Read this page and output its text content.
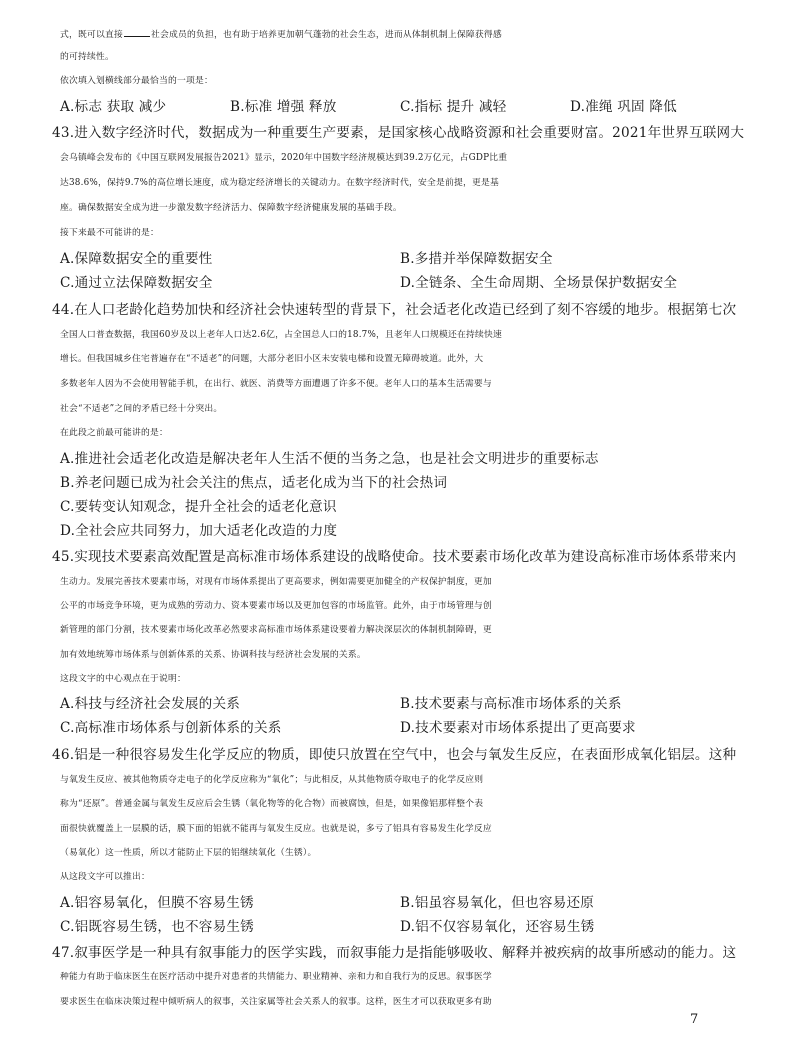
式，既可以直接	社会成员的负担，也有助于培养更加朝气蓬勃的社会生态，进而从体制机制上保障获得感
的可持续性。
依次填入划横线部分最恰当的一项是：
A.标志 获取 减少	B.标准 增强 释放	C.指标 提升 减轻	D.准绳 巩固 降低
43.进入数字经济时代，数据成为一种重要生产要素，是国家核心战略资源和社会重要财富。2021年世界互联网大
会乌镇峰会发布的《中国互联网发展报告2021》显示，2020年中国数字经济规模达到39.2万亿元，占GDP比重
达38.6%，保持9.7%的高位增长速度，成为稳定经济增长的关键动力。在数字经济时代，安全是前提，更是基
座。确保数据安全成为进一步激发数字经济活力、保障数字经济健康发展的基础手段。
接下来最不可能讲的是：
A.保障数据安全的重要性	B.多措并举保障数据安全
C.通过立法保障数据安全	D.全链条、全生命周期、全场景保护数据安全
44.在人口老龄化趋势加快和经济社会快速转型的背景下，社会适老化改造已经到了刻不容缓的地步。根据第七次
全国人口普查数据，我国60岁及以上老年人口达2.6亿，占全国总人口的18.7%，且老年人口规模还在持续快速
增长。但我国城乡住宅普遍存在“不适老”的问题，大部分老旧小区未安装电梯和设置无障碍坡道。此外，大
多数老年人因为不会使用智能手机，在出行、就医、消费等方面遭遇了许多不便。老年人口的基本生活需要与
社会“不适老”之间的矛盾已经十分突出。
在此段之前最可能讲的是：
A.推进社会适老化改造是解决老年人生活不便的当务之急，也是社会文明进步的重要标志
B.养老问题已成为社会关注的焦点，适老化成为当下的社会热词
C.要转变认知观念，提升全社会的适老化意识
D.全社会应共同努力，加大适老化改造的力度
45.实现技术要素高效配置是高标准市场体系建设的战略使命。技术要素市场化改革为建设高标准市场体系带来内
生动力。发展完善技术要素市场，对现有市场体系提出了更高要求，例如需要更加健全的产权保护制度，更加
公平的市场竞争环境，更为成熟的劳动力、资本要素市场以及更加包容的市场监管。此外，由于市场管理与创
新管理的部门分割，技术要素市场化改革必然要求高标准市场体系建设要着力解决深层次的体制机制障碍，更
加有效地统筹市场体系与创新体系的关系、协调科技与经济社会发展的关系。
这段文字的中心观点在于说明：
A.科技与经济社会发展的关系	B.技术要素与高标准市场体系的关系
C.高标准市场体系与创新体系的关系	D.技术要素对市场体系提出了更高要求
46.铝是一种很容易发生化学反应的物质，即使只放置在空气中，也会与氧发生反应，在表面形成氧化铝层。这种
与氧发生反应、被其他物质夺走电子的化学反应称为“氧化”；与此相反，从其他物质夺取电子的化学反应则
称为“还原”。普通金属与氧发生反应后会生锈（氧化物等的化合物）而被腐蚀，但是，如果像铝那样整个表
面很快就覆盖上一层膜的话，膜下面的铝就不能再与氧发生反应。也就是说，多亏了铝具有容易发生化学反应
（易氧化）这一性质，所以才能防止下层的铝继续氧化（生锈）。
从这段文字可以推出：
A.铝容易氧化，但膜不容易生锈	B.铝虽容易氧化，但也容易还原
C.铝既容易生锈，也不容易生锈	D.铝不仅容易氧化，还容易生锈
47.叙事医学是一种具有叙事能力的医学实践，而叙事能力是指能够吸收、解释并被疾病的故事所感动的能力。这
种能力有助于临床医生在医疗活动中提升对患者的共情能力、职业精神、亲和力和自我行为的反思。叙事医学
要求医生在临床决策过程中倾听病人的叙事，关注家属等社会关系人的叙事。这样，医生才可以获取更多有助
7
